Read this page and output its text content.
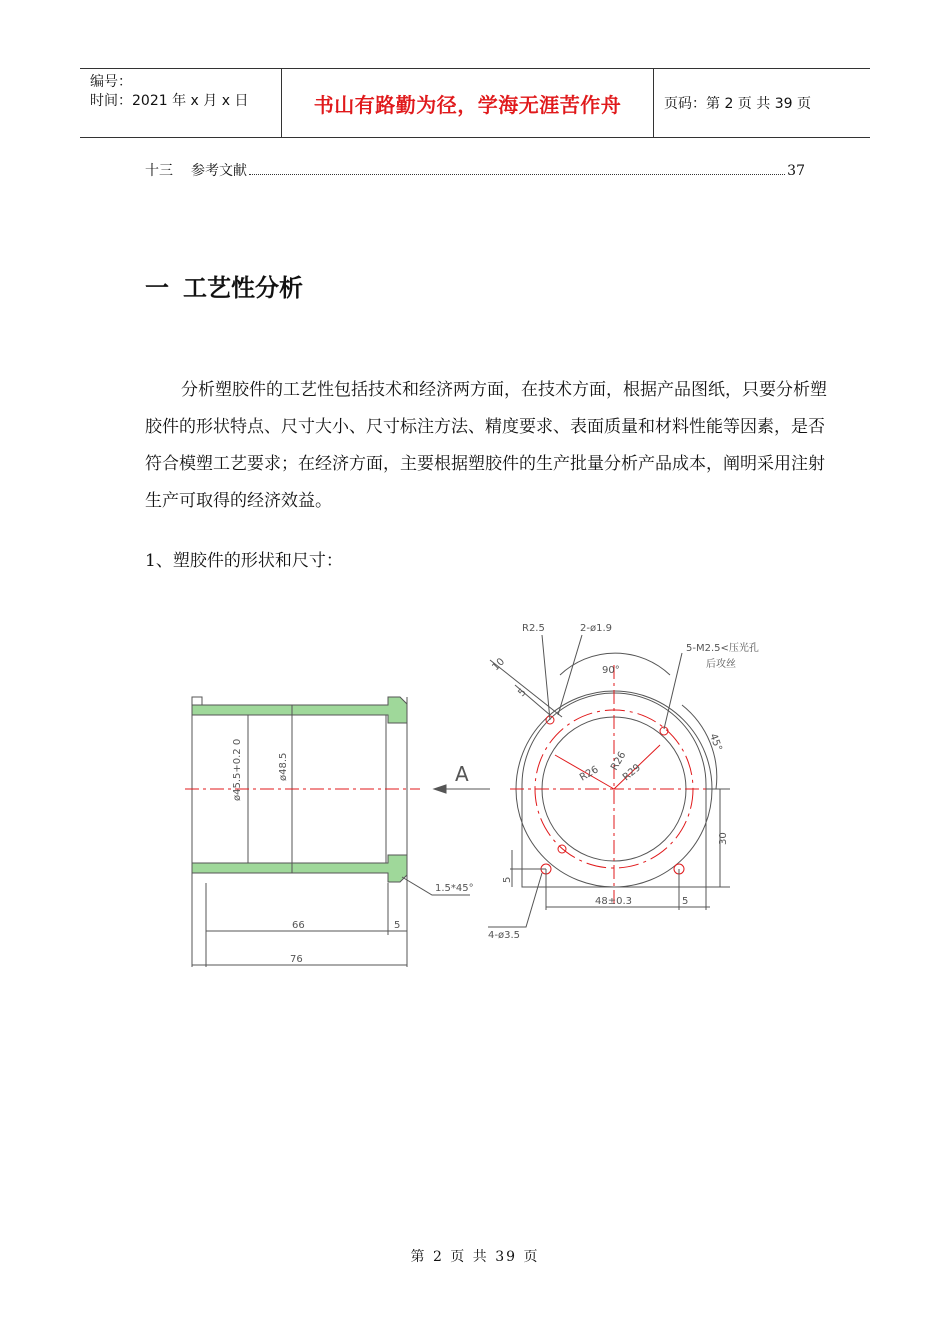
编号：
时间：2021 年 x 月 x 日	书山有路勤为径，学海无涯苦作舟	页码：第 2 页 共 39 页
十三 参考文献	37
一 工艺性分析
分析塑胶件的工艺性包括技术和经济两方面，在技术方面，根据产品图纸，只要分析塑胶件的形状特点、尺寸大小、尺寸标注方法、精度要求、表面质量和材料性能等因素，是否符合模塑工艺要求；在经济方面，主要根据塑胶件的生产批量分析产品成本，阐明采用注射生产可取得的经济效益。
1、塑胶件的形状和尺寸：
ø45.5+0.2 0	ø48.5
66	5
76
1.5*45°
A
R2.5	2-ø1.9
5-M2.5<压光孔
后攻丝
10
5
90°
45°
R26
R26
R29
30
5
48±0.3	5
4-ø3.5
第 2 页 共 39 页
